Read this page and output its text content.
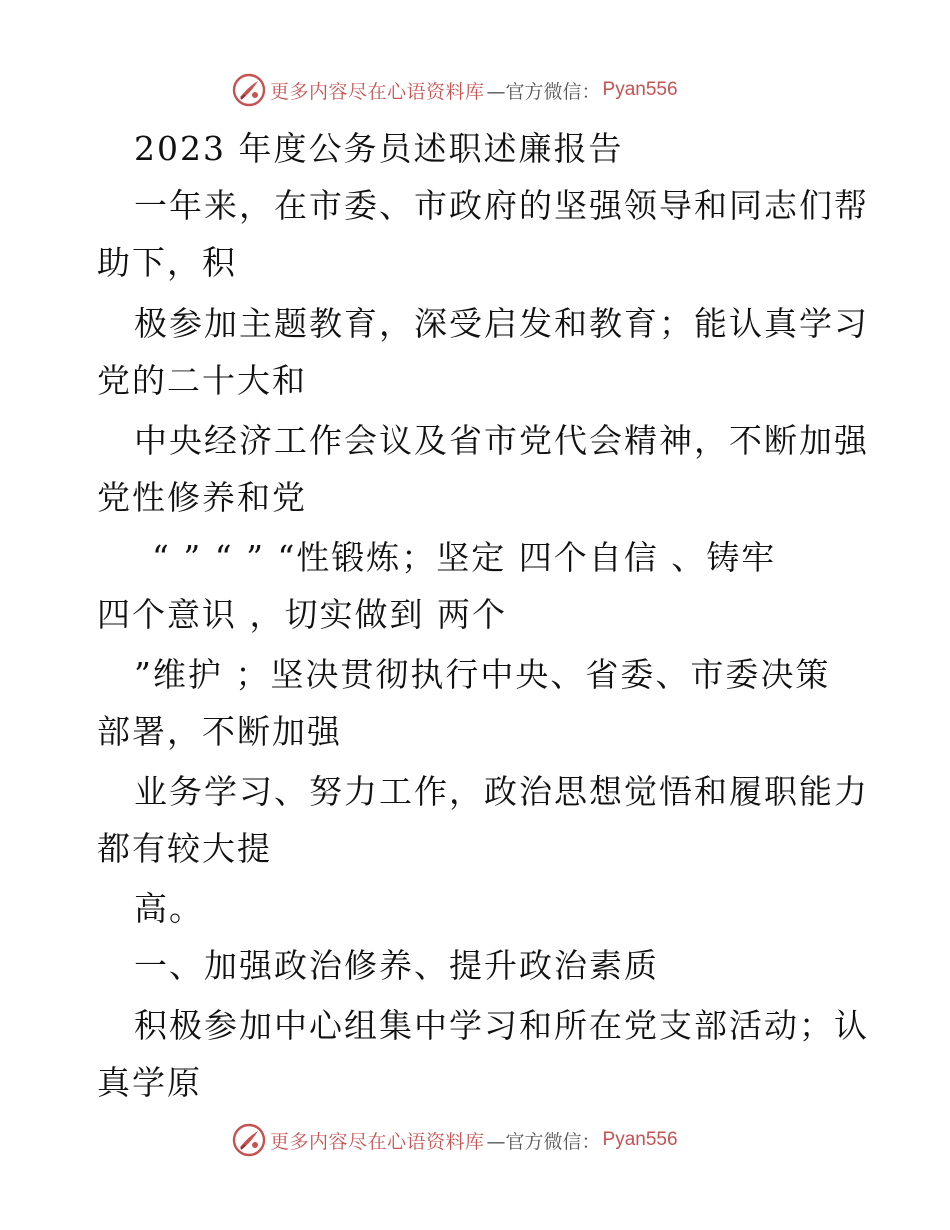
更多内容尽在心语资料库 —官方微信： Pyan556
2023 年度公务员述职述廉报告
一年来，在市委、市政府的坚强领导和同志们帮
助下，积
极参加主题教育，深受启发和教育；能认真学习
党的二十大和
中央经济工作会议及省市党代会精神，不断加强
党性修养和党
“ ” “ ” “性锻炼；坚定 四个自信 、铸牢
四个意识 ，切实做到 两个
”维护 ；坚决贯彻执行中央、省委、市委决策
部署，不断加强
业务学习、努力工作，政治思想觉悟和履职能力
都有较大提
高。
一、加强政治修养、提升政治素质
积极参加中心组集中学习和所在党支部活动；认
真学原
更多内容尽在心语资料库 —官方微信： Pyan556
